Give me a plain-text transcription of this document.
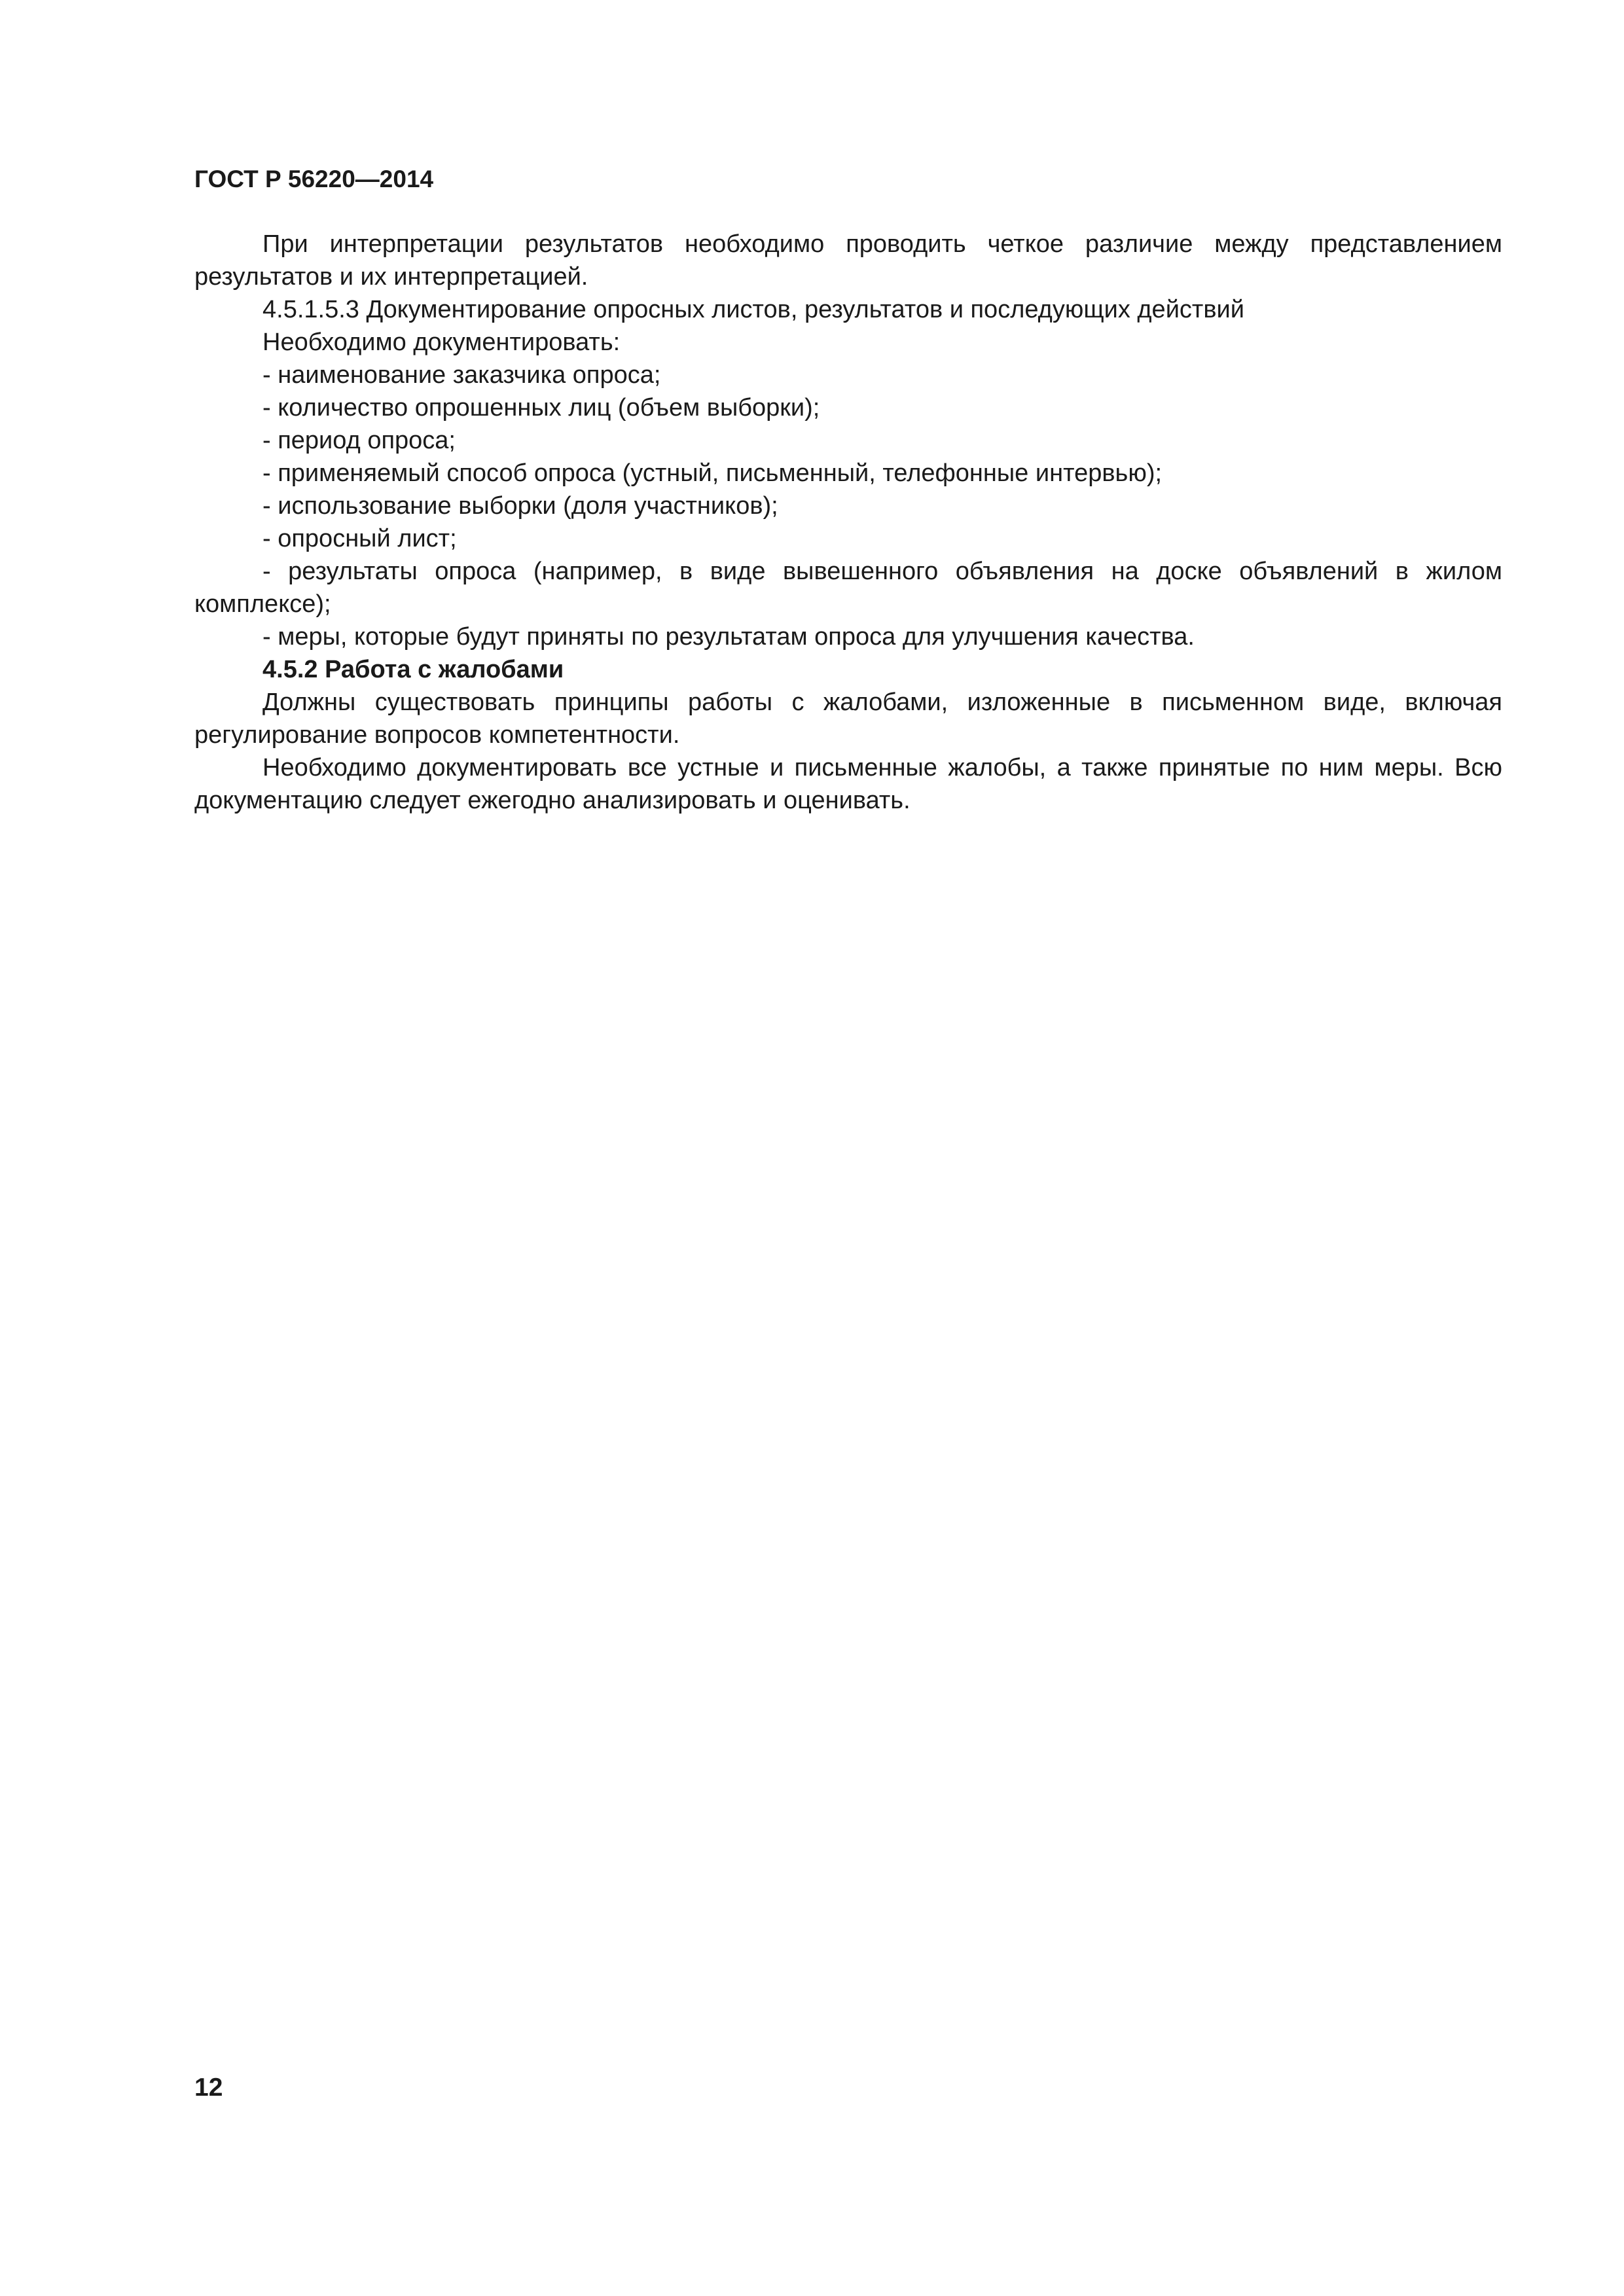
ГОСТ Р 56220—2014

При интерпретации результатов необходимо проводить четкое различие между представлением результатов и их интерпретацией.

4.5.1.5.3 Документирование опросных листов, результатов и последующих действий

Необходимо документировать:

- наименование заказчика опроса;

- количество опрошенных лиц (объем выборки);

- период опроса;

- применяемый способ опроса (устный, письменный, телефонные интервью);

- использование выборки (доля участников);

- опросный лист;

- результаты опроса (например, в виде вывешенного объявления на доске объявлений в жилом комплексе);

- меры, которые будут приняты по результатам опроса для улучшения качества.

4.5.2 Работа с жалобами

Должны существовать принципы работы с жалобами, изложенные в письменном виде, включая регулирование вопросов компетентности.

Необходимо документировать все устные и письменные жалобы, а также принятые по ним меры. Всю документацию следует ежегодно анализировать и оценивать.

12
